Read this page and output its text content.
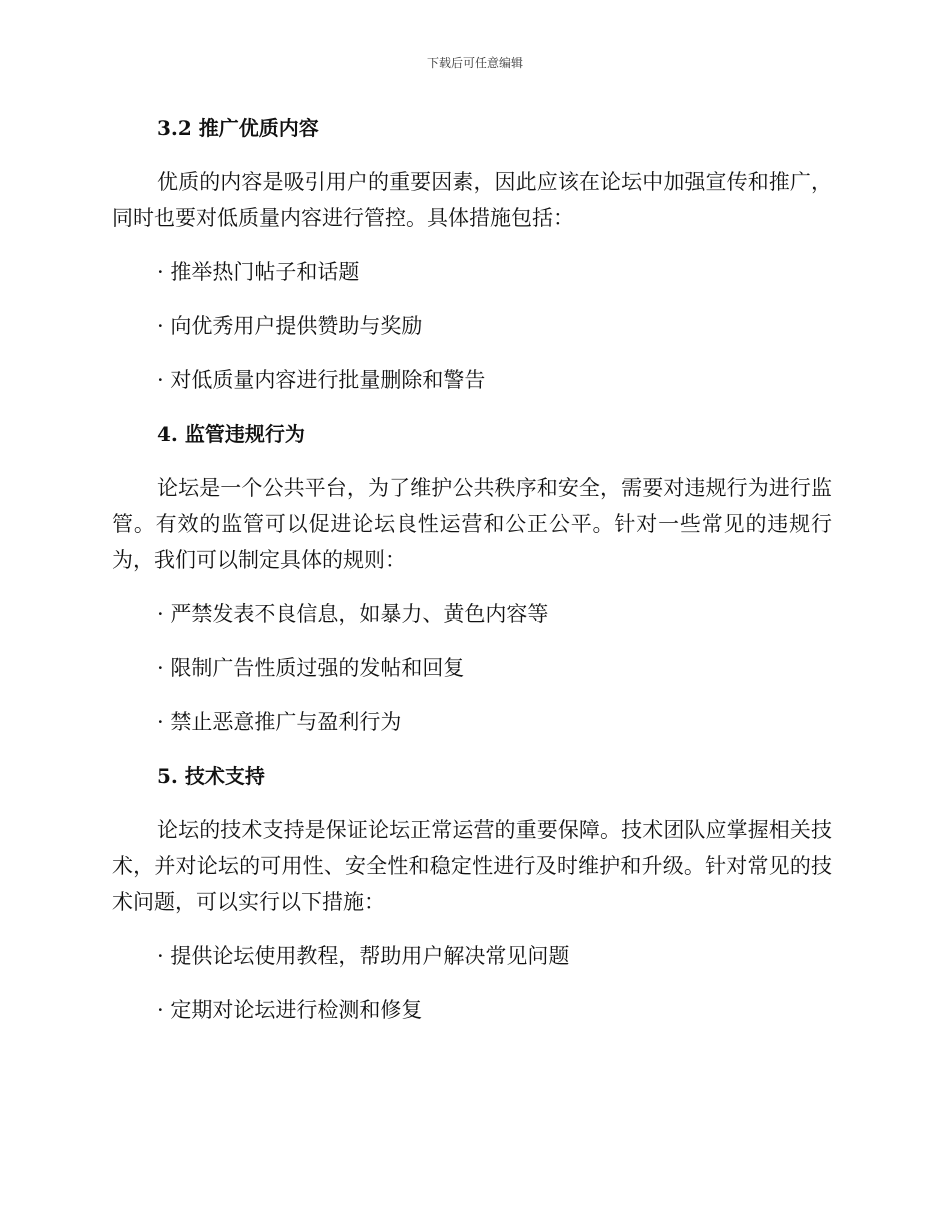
下载后可任意编辑
3.2 推广优质内容

优质的内容是吸引用户的重要因素，因此应该在论坛中加强宣传和推广，同时也要对低质量内容进行管控。具体措施包括：

· 推举热门帖子和话题
· 向优秀用户提供赞助与奖励
· 对低质量内容进行批量删除和警告
4. 监管违规行为

论坛是一个公共平台，为了维护公共秩序和安全，需要对违规行为进行监管。有效的监管可以促进论坛良性运营和公正公平。针对一些常见的违规行为，我们可以制定具体的规则：

· 严禁发表不良信息，如暴力、黄色内容等
· 限制广告性质过强的发帖和回复
· 禁止恶意推广与盈利行为
5. 技术支持

论坛的技术支持是保证论坛正常运营的重要保障。技术团队应掌握相关技术，并对论坛的可用性、安全性和稳定性进行及时维护和升级。针对常见的技术问题，可以实行以下措施：

· 提供论坛使用教程，帮助用户解决常见问题
· 定期对论坛进行检测和修复
